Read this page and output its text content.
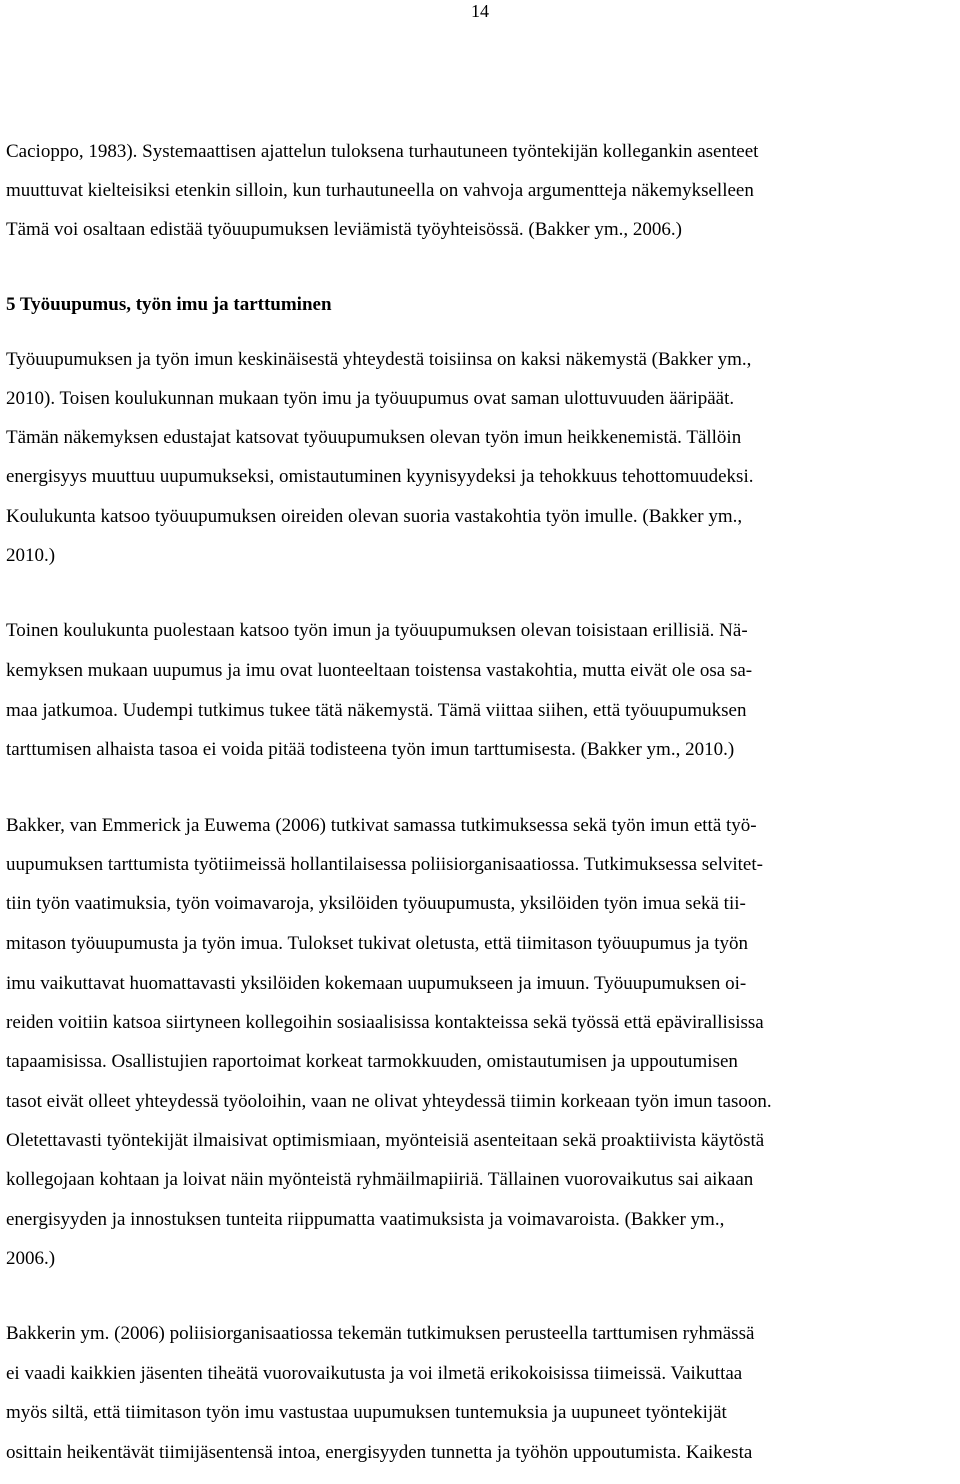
14
Cacioppo, 1983). Systemaattisen ajattelun tuloksena turhautuneen työntekijän kollegankin asenteet
muuttuvat kielteisiksi etenkin silloin, kun turhautuneella on vahvoja argumentteja näkemykselleen
Tämä voi osaltaan edistää työuupumuksen leviämistä työyhteisössä. (Bakker ym., 2006.)
5 Työuupumus, työn imu ja tarttuminen
Työuupumuksen ja työn imun keskinäisestä yhteydestä toisiinsa on kaksi näkemystä (Bakker ym.,
2010). Toisen koulukunnan mukaan työn imu ja työuupumus ovat saman ulottuvuuden ääripäät.
Tämän näkemyksen edustajat katsovat työuupumuksen olevan työn imun heikkenemistä. Tällöin
energisyys muuttuu uupumukseksi, omistautuminen kyynisyydeksi ja tehokkuus tehottomuudeksi.
Koulukunta katsoo työuupumuksen oireiden olevan suoria vastakohtia työn imulle. (Bakker ym.,
2010.)
Toinen koulukunta puolestaan katsoo työn imun ja työuupumuksen olevan toisistaan erillisiä. Nä-
kemyksen mukaan uupumus ja imu ovat luonteeltaan toistensa vastakohtia, mutta eivät ole osa sa-
maa jatkumoa. Uudempi tutkimus tukee tätä näkemystä. Tämä viittaa siihen, että työuupumuksen
tarttumisen alhaista tasoa ei voida pitää todisteena työn imun tarttumisesta. (Bakker ym., 2010.)
Bakker, van Emmerick ja Euwema (2006) tutkivat samassa tutkimuksessa sekä työn imun että työ-
uupumuksen tarttumista työtiimeissä hollantilaisessa poliisiorganisaatiossa. Tutkimuksessa selvitet-
tiin työn vaatimuksia, työn voimavaroja, yksilöiden työuupumusta, yksilöiden työn imua sekä tii-
mitason työuupumusta ja työn imua. Tulokset tukivat oletusta, että tiimitason työuupumus ja työn
imu vaikuttavat huomattavasti yksilöiden kokemaan uupumukseen ja imuun. Työuupumuksen oi-
reiden voitiin katsoa siirtyneen kollegoihin sosiaalisissa kontakteissa sekä työssä että epävirallisissa
tapaamisissa. Osallistujien raportoimat korkeat tarmokkuuden, omistautumisen ja uppoutumisen
tasot eivät olleet yhteydessä työoloihin, vaan ne olivat yhteydessä tiimin korkeaan työn imun tasoon.
Oletettavasti työntekijät ilmaisivat optimismiaan, myönteisiä asenteitaan sekä proaktiivista käytöstä
kollegojaan kohtaan ja loivat näin myönteistä ryhmäilmapiiriä. Tällainen vuorovaikutus sai aikaan
energisyyden ja innostuksen tunteita riippumatta vaatimuksista ja voimavaroista. (Bakker ym.,
2006.)
Bakkerin ym. (2006) poliisiorganisaatiossa tekemän tutkimuksen perusteella tarttumisen ryhmässä
ei vaadi kaikkien jäsenten tiheätä vuorovaikutusta ja voi ilmetä erikokoisissa tiimeissä. Vaikuttaa
myös siltä, että tiimitason työn imu vastustaa uupumuksen tuntemuksia ja uupuneet työntekijät
osittain heikentävät tiimijäsentensä intoa, energisyyden tunnetta ja työhön uppoutumista. Kaikesta
